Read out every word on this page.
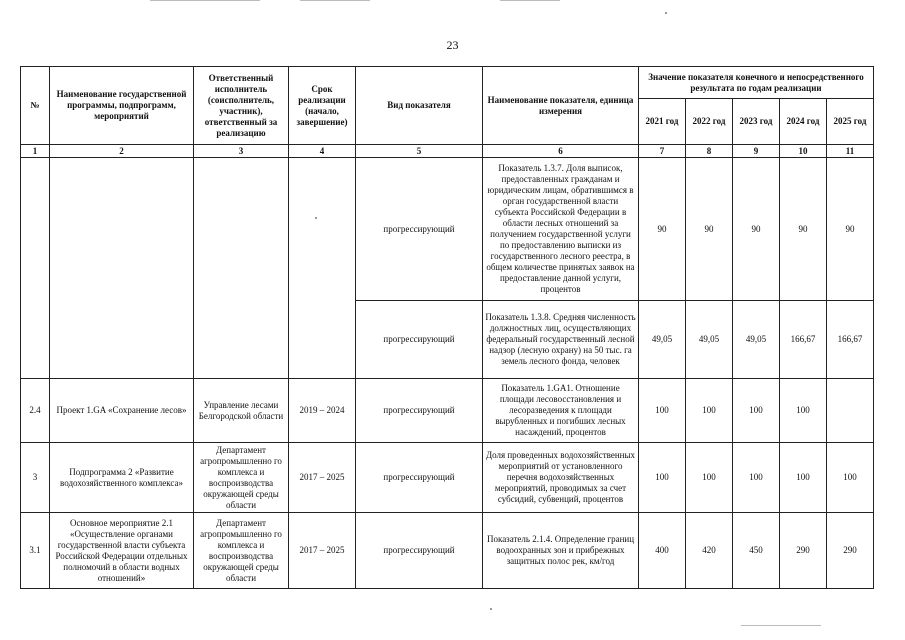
23
№	Наименование государственной программы, подпрограмм, мероприятий	Ответственный исполнитель (соисполнитель, участник), ответственный за реализацию	Срок реализации (начало, завершение)	Вид показателя	Наименование показателя, единица измерения	Значение показателя конечного и непосредственного результата по годам реализации				
						2021 год	2022 год	2023 год	2024 год	2025 год
1	2	3	4	5	6	7	8	9	10	11
				прогрессирующий	Показатель 1.3.7. Доля выписок, предоставленных гражданам и юридическим лицам, обратившимся в орган государственной власти субъекта Российской Федерации в области лесных отношений за получением государственной услуги по предоставлению выписки из государственного лесного реестра, в общем количестве принятых заявок на предоставление данной услуги, процентов	90	90	90	90	90
				прогрессирующий	Показатель 1.3.8. Средняя численность должностных лиц, осуществляющих федеральный государственный лесной надзор (лесную охрану) на 50 тыс. га земель лесного фонда, человек	49,05	49,05	49,05	166,67	166,67
2.4	Проект 1.GA «Сохранение лесов»	Управление лесами Белгородской области	2019 – 2024	прогрессирующий	Показатель 1.GA1. Отношение площади лесовосстановления и лесоразведения к площади вырубленных и погибших лесных насаждений, процентов	100	100	100	100	
3	Подпрограмма 2 «Развитие водохозяйственного комплекса»	Департамент агропромышленно го комплекса и воспроизводства окружающей среды области	2017 – 2025	прогрессирующий	Доля проведенных водохозяйственных мероприятий от установленного перечня водохозяйственных мероприятий, проводимых за счет субсидий, субвенций, процентов	100	100	100	100	100
3.1	Основное мероприятие 2.1 «Осуществление органами государственной власти субъекта Российской Федерации отдельных полномочий в области водных отношений»	Департамент агропромышленно го комплекса и воспроизводства окружающей среды области	2017 – 2025	прогрессирующий	Показатель 2.1.4. Определение границ водоохранных зон и прибрежных защитных полос рек, км/год	400	420	450	290	290
